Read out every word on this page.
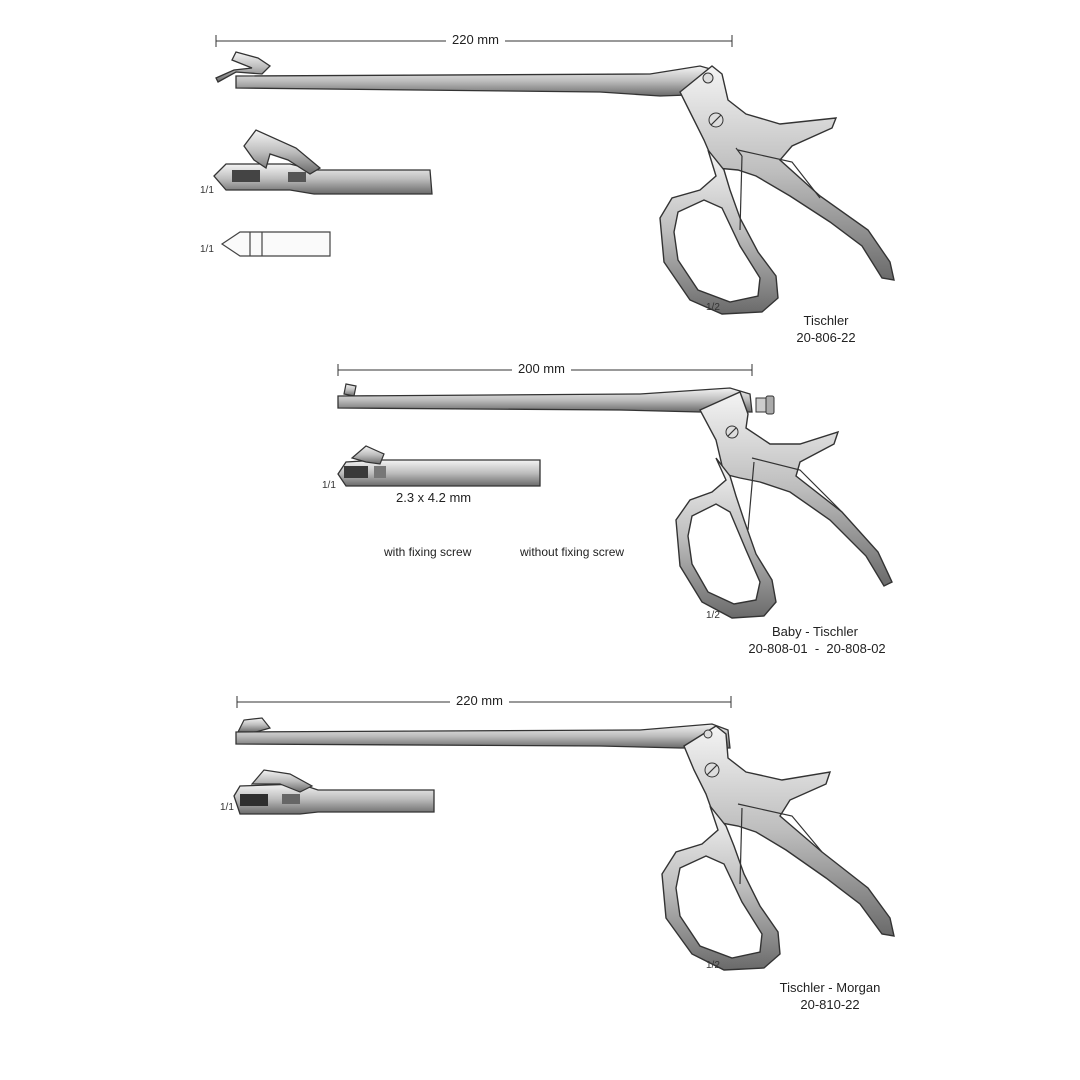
220 mm
1/1
1/1
1/2
Tischler
20-806-22
200 mm
1/1
2.3 x 4.2 mm
with fixing screw	without fixing screw
1/2
Baby - Tischler
20-808-01  -  20-808-02
220 mm
1/1
1/2
Tischler - Morgan
20-810-22
